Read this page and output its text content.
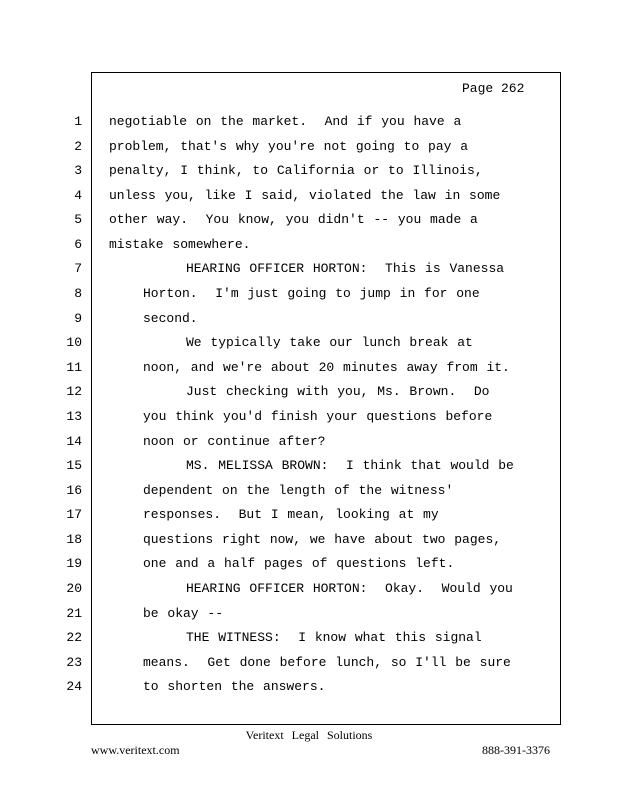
Page 262
1 negotiable on the market.  And if you have a
2 problem, that's why you're not going to pay a
3 penalty, I think, to California or to Illinois,
4 unless you, like I said, violated the law in some
5 other way.  You know, you didn't -- you made a
6 mistake somewhere.
7	HEARING OFFICER HORTON:  This is Vanessa
8	Horton.  I'm just going to jump in for one
9	second.
10	We typically take our lunch break at
11	noon, and we're about 20 minutes away from it.
12	Just checking with you, Ms. Brown.  Do
13	you think you'd finish your questions before
14	noon or continue after?
15	MS. MELISSA BROWN:  I think that would be
16	dependent on the length of the witness'
17	responses.  But I mean, looking at my
18	questions right now, we have about two pages,
19	one and a half pages of questions left.
20	HEARING OFFICER HORTON:  Okay.  Would you
21	be okay --
22	THE WITNESS:  I know what this signal
23	means.  Get done before lunch, so I'll be sure
24	to shorten the answers.
Veritext Legal Solutions
www.veritext.com	888-391-3376
